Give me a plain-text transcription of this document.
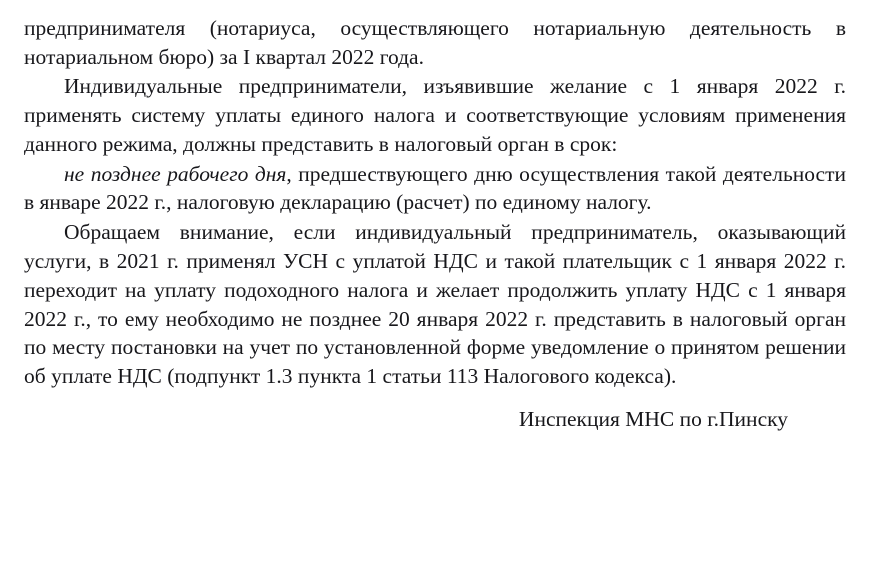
предпринимателя (нотариуса, осуществляющего нотариальную деятельность в нотариальном бюро) за I квартал 2022 года.

Индивидуальные предприниматели, изъявившие желание с 1 января 2022 г. применять систему уплаты единого налога и соответствующие условиям применения данного режима, должны представить в налоговый орган в срок:

не позднее рабочего дня, предшествующего дню осуществления такой деятельности в январе 2022 г., налоговую декларацию (расчет) по единому налогу.

Обращаем внимание, если индивидуальный предприниматель, оказывающий услуги, в 2021 г. применял УСН с уплатой НДС и такой плательщик с 1 января 2022 г. переходит на уплату подоходного налога и желает продолжить уплату НДС с 1 января 2022 г., то ему необходимо не позднее 20 января 2022 г. представить в налоговый орган по месту постановки на учет по установленной форме уведомление о принятом решении об уплате НДС (подпункт 1.3 пункта 1 статьи 113 Налогового кодекса).

Инспекция МНС по г.Пинску
